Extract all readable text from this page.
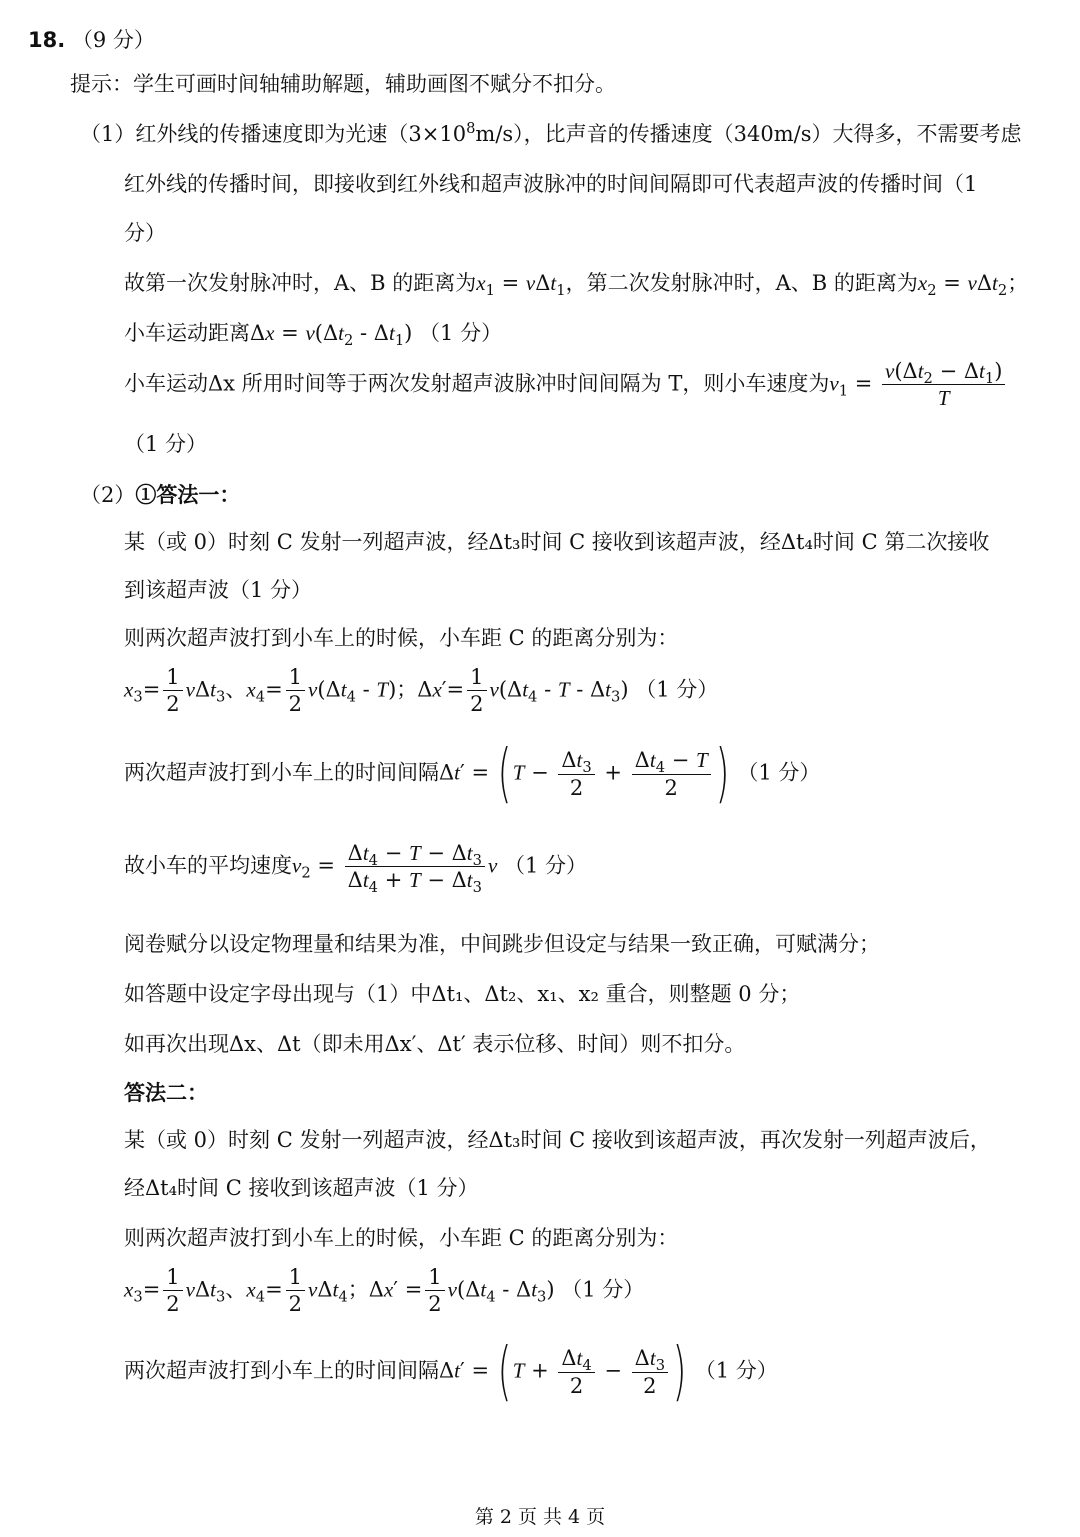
18. （9 分）
提示：学生可画时间轴辅助解题，辅助画图不赋分不扣分。
（1）红外线的传播速度即为光速$(3\times 10^8m/s)$，比声音的传播速度（340m/s）大得多，不需要考虑
红外线的传播时间，即接收到红外线和超声波脉冲的时间间隔即可代表超声波的传播时间（1
分）
故第一次发射脉冲时，A、B 的距离为$x_1 = v\Delta t_1$，第二次发射脉冲时，A、B 的距离为$x_2 = v\Delta t_2$；
小车运动距离$\Delta x = v(\Delta t_2 - \Delta t_1)$ （1 分）
小车运动Δx 所用时间等于两次发射超声波脉冲时间间隔为 T，则小车速度为$v_1 = \frac{v(\Delta t_2 - \Delta t_1)}{T}$
（1 分）
（2）①答法一：
某（或 0）时刻 C 发射一列超声波，经Δt₃时间 C 接收到该超声波，经Δt₄时间 C 第二次接收
到该超声波（1 分）
则两次超声波打到小车上的时候，小车距 C 的距离分别为：
$x_3= \frac{1}{2} v\Delta t_3$、$x_4= \frac{1}{2} v(\Delta t_4 - T)$；$\Delta x'= \frac{1}{2} v(\Delta t_4 - T - \Delta t_3)$ （1 分）
两次超声波打到小车上的时间间隔$\Delta t' = (T - \frac{\Delta t_3}{2} + \frac{\Delta t_4 - T}{2}$ ) （1 分）
故小车的平均速度$v_2 = \frac{\Delta t_4 - T - \Delta t_3}{\Delta t_4 + T - \Delta t_3}$ v （1 分）
阅卷赋分以设定物理量和结果为准，中间跳步但设定与结果一致正确，可赋满分；
如答题中设定字母出现与（1）中Δt₁、Δt₂、x₁、x₂ 重合，则整题 0 分；
如再次出现Δx、Δt（即未用Δx′、Δt′ 表示位移、时间）则不扣分。
答法二：
某（或 0）时刻 C 发射一列超声波，经Δt₃时间 C 接收到该超声波，再次发射一列超声波后，
经Δt₄时间 C 接收到该超声波（1 分）
则两次超声波打到小车上的时候，小车距 C 的距离分别为：
$x_3= \frac{1}{2} v\Delta t_3$、$x_4= \frac{1}{2} v\Delta t_4$；$\Delta x' = \frac{1}{2} v(\Delta t_4 - \Delta t_3)$ （1 分）
两次超声波打到小车上的时间间隔$\Delta t' = (T + \frac{\Delta t_4}{2} - \frac{\Delta t_3}{2}$ ) （1 分）
第 2 页 共 4 页
